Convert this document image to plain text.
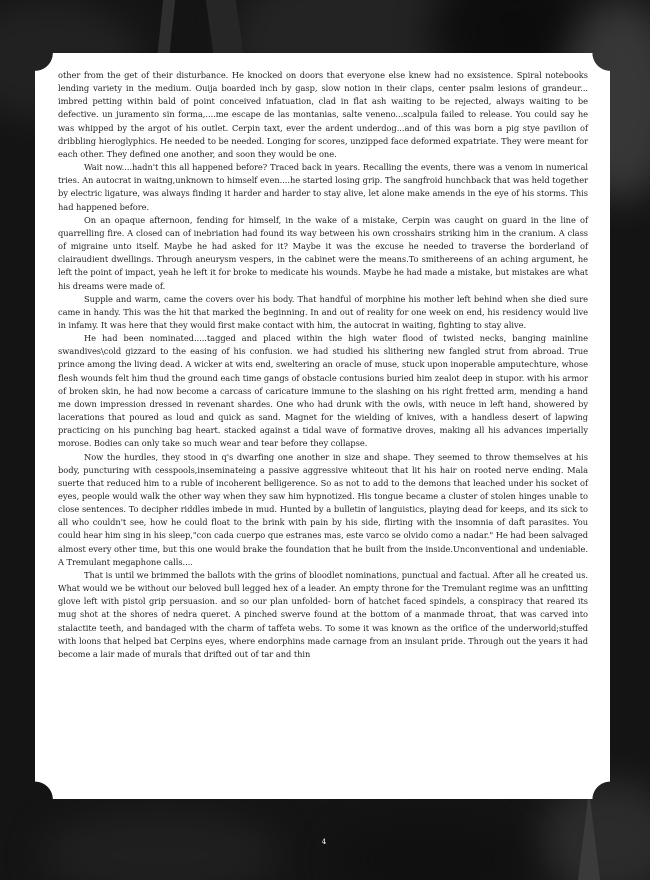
other from the get of their disturbance. He knocked on doors that everyone else knew had no exsistence. Spiral notebooks lending variety in the medium. Ouija boarded inch by gasp, slow notion in their claps, center psalm lesions of grandeur... imbred petting within bald of point conceived infatuation, clad in flat ash waiting to be rejected, always waiting to be defective. un juramento sin forma,....me escape de las montanias, salte veneno...scalpula failed to release. You could say he was whipped by the argot of his outlet. Cerpin taxt, ever the ardent underdog...and of this was born a pig stye pavilion of dribbling hieroglyphics. He needed to be needed. Longing for scores, unzipped face deformed expatriate. They were meant for each other. They defined one another, and soon they would be one.

Wait now....hadn't this all happened before? Traced back in years. Recalling the events, there was a venom in numerical tries. An autocrat in waitng,unknown to himself even....he started losing grip. The sangfroid hunchback that was held together by electric ligature, was always finding it harder and harder to stay alive, let alone make amends in the eye of his storms. This had happened before.

On an opaque afternoon, fending for himself, in the wake of a mistake, Cerpin was caught on guard in the line of quarrelling fire. A closed can of inebriation had found its way between his own crosshairs striking him in the cranium. A class of migraine unto itself. Maybe he had asked for it? Maybe it was the excuse he needed to traverse the borderland of clairaudient dwellings. Through aneurysm vespers, in the cabinet were the means.To smithereens of an aching argument, he left the point of impact, yeah he left it for broke to medicate his wounds. Maybe he had made a mistake, but mistakes are what his dreams were made of.

Supple and warm, came the covers over his body. That handful of morphine his mother left behind when she died sure came in handy. This was the hit that marked the beginning. In and out of reality for one week on end, his residency would live in infamy. It was here that they would first make contact with him, the autocrat in waiting, fighting to stay alive.

He had been nominated.....tagged and placed within the high water flood of twisted necks, banging mainline swandives\cold gizzard to the easing of his confusion. we had studied his slithering new fangled strut from abroad. True prince among the living dead. A wicker at wits end, sweltering an oracle of muse, stuck upon inoperable amputechture, whose flesh wounds felt him thud the ground each time gangs of obstacle contusions buried him zealot deep in stupor. with his armor of broken skin, he had now become a carcass of caricature immune to the slashing on his right fretted arm, mending a hand me down impression dressed in revenant shardes. One who had drunk with the owls, with neuce in left hand, showered by lacerations that poured as loud and quick as sand. Magnet for the wielding of knives, with a handless desert of lapwing practicing on his punching bag heart. stacked against a tidal wave of formative droves, making all his advances imperially morose. Bodies can only take so much wear and tear before they collapse.

Now the hurdles, they stood in q's dwarfing one another in size and shape. They seemed to throw themselves at his body, puncturing with cesspools,inseminateing a passive aggressive whiteout that lit his hair on rooted nerve ending. Mala suerte that reduced him to a ruble of incoherent belligerence. So as not to add to the demons that leached under his socket of eyes, people would walk the other way when they saw him hypnotized. His tongue became a cluster of stolen hinges unable to close sentences. To decipher riddles imbede in mud. Hunted by a bulletin of languistics, playing dead for keeps, and its sick to all who couldn't see, how he could float to the brink with pain by his side, flirting with the insomnia of daft parasites. You could hear him sing in his sleep,"con cada cuerpo que estranes mas, este varco se olvido como a nadar." He had been salvaged almost every other time, but this one would brake the foundation that he built from the inside.Unconventional and undeniable. A Tremulant megaphone calls....

That is until we brimmed the ballots with the grins of bloodlet nominations, punctual and factual. After all he created us. What would we be without our beloved bull legged hex of a leader. An empty throne for the Tremulant regime was an unfitting glove left with pistol grip persuasion. and so our plan unfolded- born of hatchet faced spindels, a conspiracy that reared its mug shot at the shores of nedra queret. A pinched swerve found at the bottom of a manmade throat, that was carved into stalactite teeth, and bandaged with the charm of taffeta webs. To some it was known as the orifice of the underworld;stuffed with loons that helped bat Cerpins eyes, where endorphins made carnage from an insulant pride. Through out the years it had become a lair made of murals that drifted out of tar and thin

4
